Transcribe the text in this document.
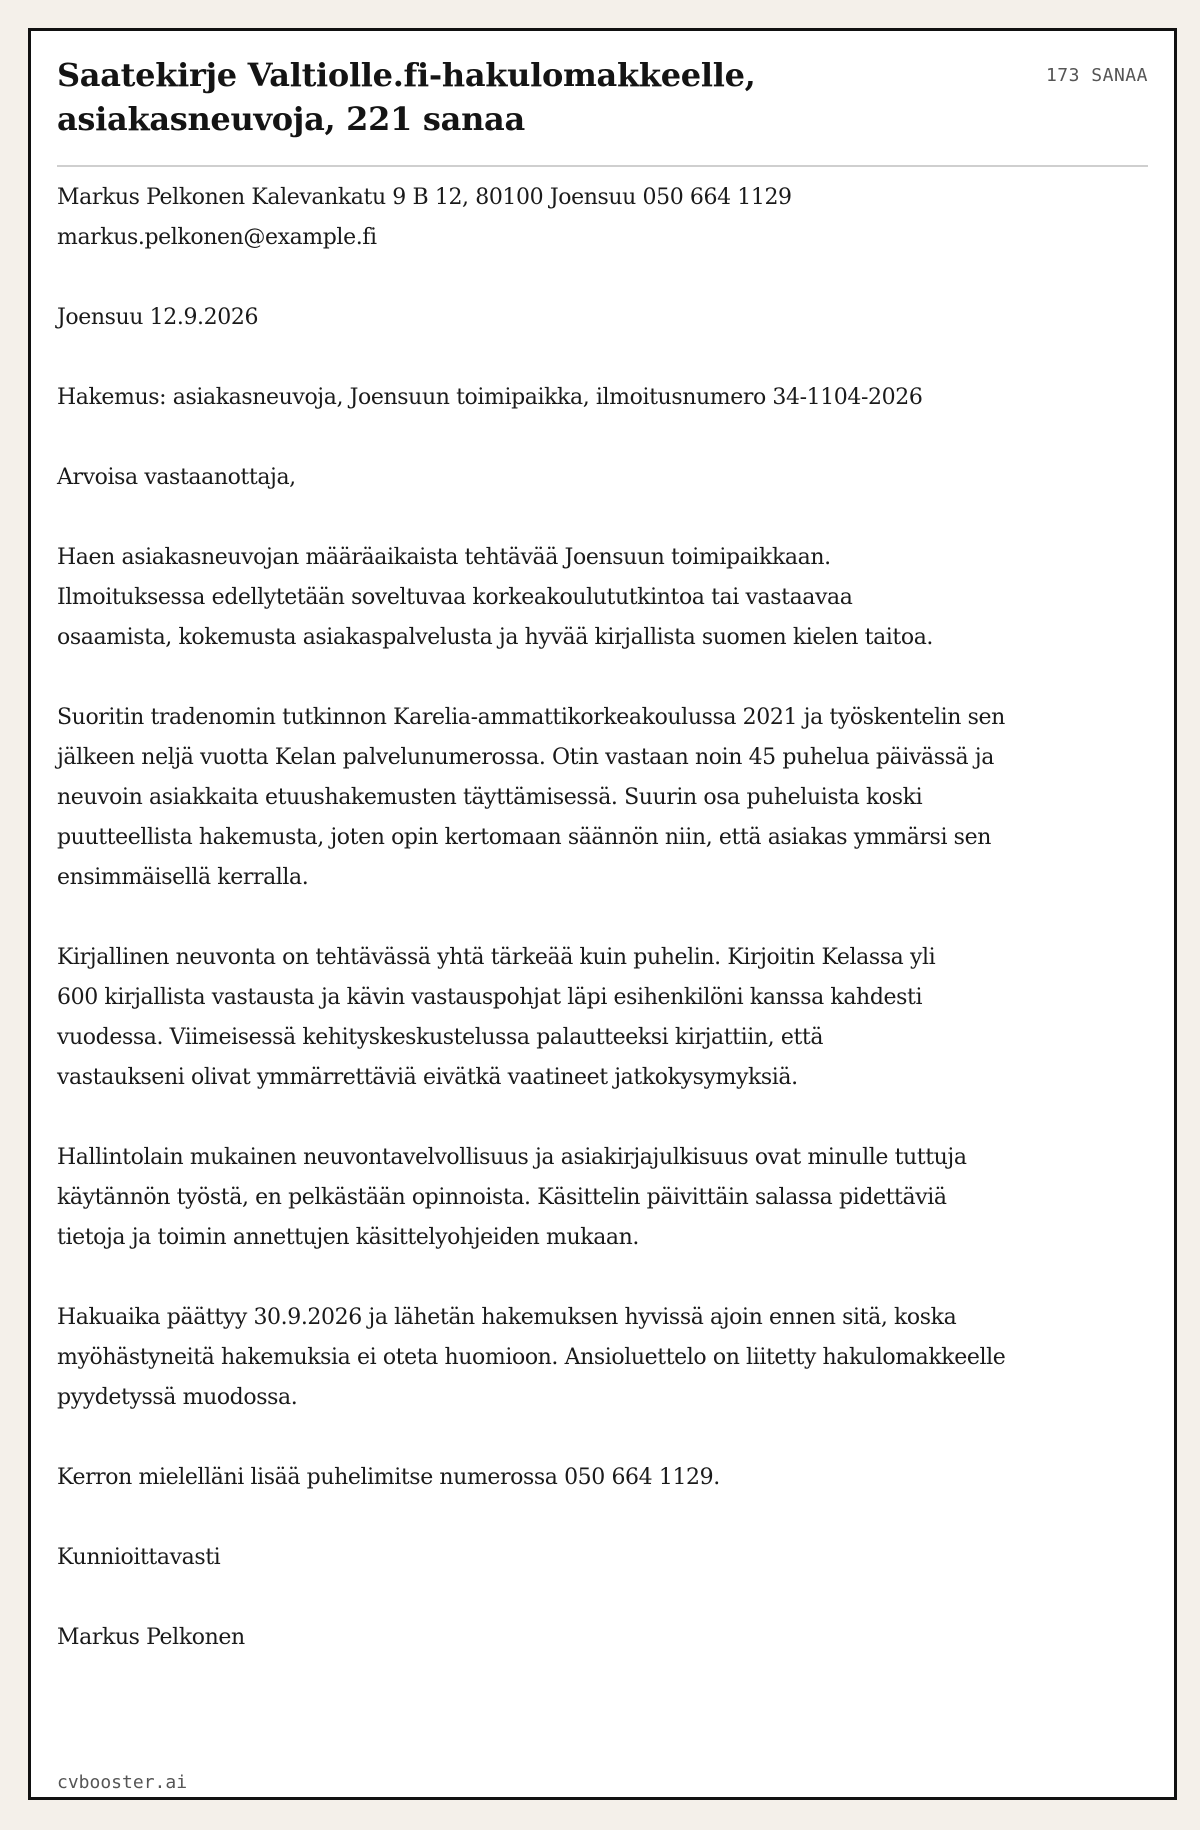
Saatekirje Valtiolle.fi-hakulomakkeelle, asiakasneuvoja, 221 sanaa
173 SANAA

Markus Pelkonen Kalevankatu 9 B 12, 80100 Joensuu 050 664 1129
markus.pelkonen@example.fi

Joensuu 12.9.2026

Hakemus: asiakasneuvoja, Joensuun toimipaikka, ilmoitusnumero 34-1104-2026

Arvoisa vastaanottaja,

Haen asiakasneuvojan määräaikaista tehtävää Joensuun toimipaikkaan. Ilmoituksessa edellytetään soveltuvaa korkeakoulututkintoa tai vastaavaa osaamista, kokemusta asiakaspalvelusta ja hyvää kirjallista suomen kielen taitoa.

Suoritin tradenomin tutkinnon Karelia-ammattikorkeakoulussa 2021 ja työskentelin sen jälkeen neljä vuotta Kelan palvelunumerossa. Otin vastaan noin 45 puhelua päivässä ja neuvoin asiakkaita etuushakemusten täyttämisessä. Suurin osa puheluista koski puutteellista hakemusta, joten opin kertomaan säännön niin, että asiakas ymmärsi sen ensimmäisellä kerralla.

Kirjallinen neuvonta on tehtävässä yhtä tärkeää kuin puhelin. Kirjoitin Kelassa yli 600 kirjallista vastausta ja kävin vastauspohjat läpi esihenkilöni kanssa kahdesti vuodessa. Viimeisessä kehityskeskustelussa palautteeksi kirjattiin, että vastaukseni olivat ymmärrettäviä eivätkä vaatineet jatkokysymyksiä.

Hallintolain mukainen neuvontavelvollisuus ja asiakirjajulkisuus ovat minulle tuttuja käytännön työstä, en pelkästään opinnoista. Käsittelin päivittäin salassa pidettäviä tietoja ja toimin annettujen käsittelyohjeiden mukaan.

Hakuaika päättyy 30.9.2026 ja lähetän hakemuksen hyvissä ajoin ennen sitä, koska myöhästyneitä hakemuksia ei oteta huomioon. Ansioluettelo on liitetty hakulomakkeelle pyydetyssä muodossa.

Kerron mielelläni lisää puhelimitse numerossa 050 664 1129.

Kunnioittavasti

Markus Pelkonen

cvbooster.ai
